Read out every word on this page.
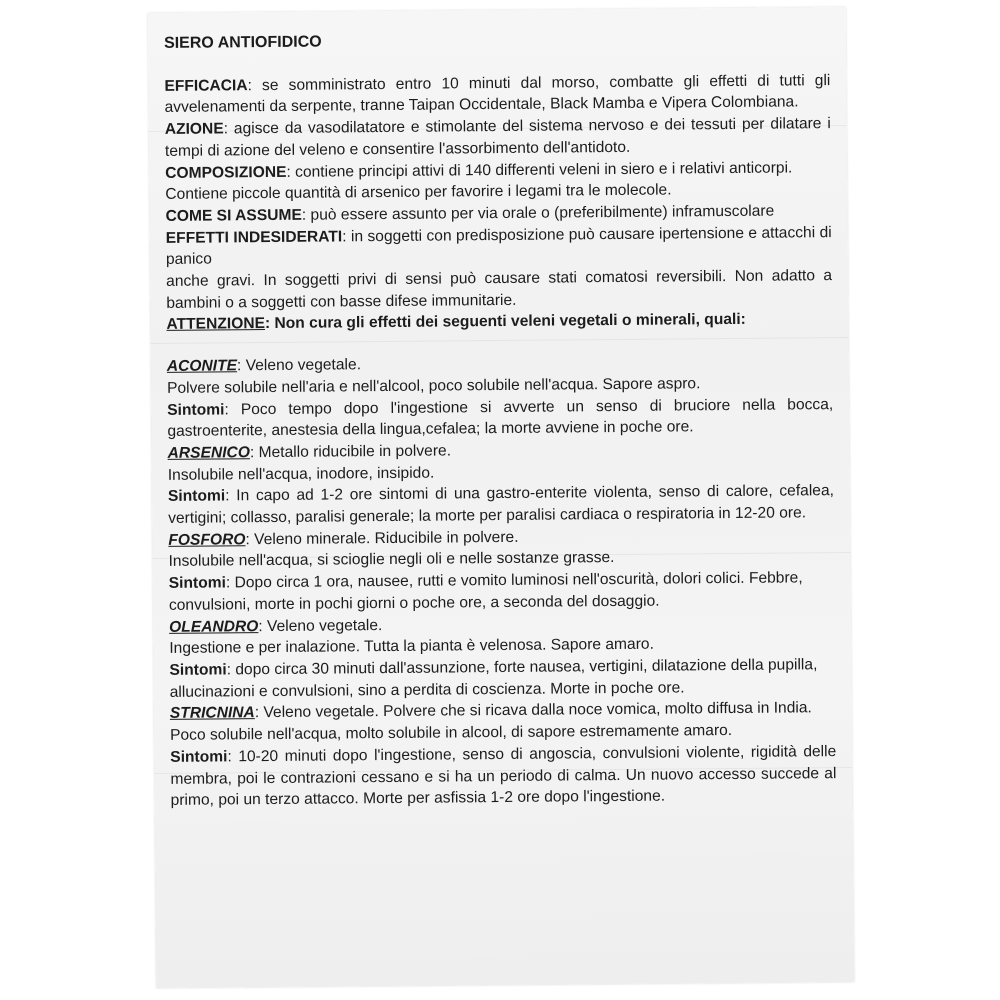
SIERO ANTIOFIDICO

EFFICACIA: se somministrato entro 10 minuti dal morso, combatte gli effetti di tutti gli avvelenamenti da serpente, tranne Taipan Occidentale, Black Mamba e Vipera Colombiana.

AZIONE: agisce da vasodilatatore e stimolante del sistema nervoso e dei tessuti per dilatare i tempi di azione del veleno e consentire l'assorbimento dell'antidoto.

COMPOSIZIONE: contiene principi attivi di 140 differenti veleni in siero e i relativi anticorpi.

Contiene piccole quantità di arsenico per favorire i legami tra le molecole.

COME SI ASSUME: può essere assunto per via orale o (preferibilmente) inframuscolare

EFFETTI INDESIDERATI: in soggetti con predisposizione può causare ipertensione e attacchi di panico

anche gravi. In soggetti privi di sensi può causare stati comatosi reversibili. Non adatto a bambini o a soggetti con basse difese immunitarie.

ATTENZIONE: Non cura gli effetti dei seguenti veleni vegetali o minerali, quali:

ACONITE: Veleno vegetale.

Polvere solubile nell'aria e nell'alcool, poco solubile nell'acqua. Sapore aspro.

Sintomi: Poco tempo dopo l'ingestione si avverte un senso di bruciore nella bocca, gastroenterite, anestesia della lingua,cefalea; la morte avviene in poche ore.

ARSENICO: Metallo riducibile in polvere.

Insolubile nell'acqua, inodore, insipido.

Sintomi: In capo ad 1-2 ore sintomi di una gastro-enterite violenta, senso di calore, cefalea, vertigini; collasso, paralisi generale; la morte per paralisi cardiaca o respiratoria in 12-20 ore.

FOSFORO: Veleno minerale. Riducibile in polvere.

Insolubile nell'acqua, si scioglie negli oli e nelle sostanze grasse.

Sintomi: Dopo circa 1 ora, nausee, rutti e vomito luminosi nell'oscurità, dolori colici. Febbre,

convulsioni, morte in pochi giorni o poche ore, a seconda del dosaggio.

OLEANDRO: Veleno vegetale.

Ingestione e per inalazione. Tutta la pianta è velenosa. Sapore amaro.

Sintomi: dopo circa 30 minuti dall'assunzione, forte nausea, vertigini, dilatazione della pupilla,

allucinazioni e convulsioni, sino a perdita di coscienza. Morte in poche ore.

STRICNINA: Veleno vegetale. Polvere che si ricava dalla noce vomica, molto diffusa in India.

Poco solubile nell'acqua, molto solubile in alcool, di sapore estremamente amaro.

Sintomi: 10-20 minuti dopo l'ingestione, senso di angoscia, convulsioni violente, rigidità delle membra, poi le contrazioni cessano e si ha un periodo di calma. Un nuovo accesso succede al primo, poi un terzo attacco. Morte per asfissia 1-2 ore dopo l'ingestione.
